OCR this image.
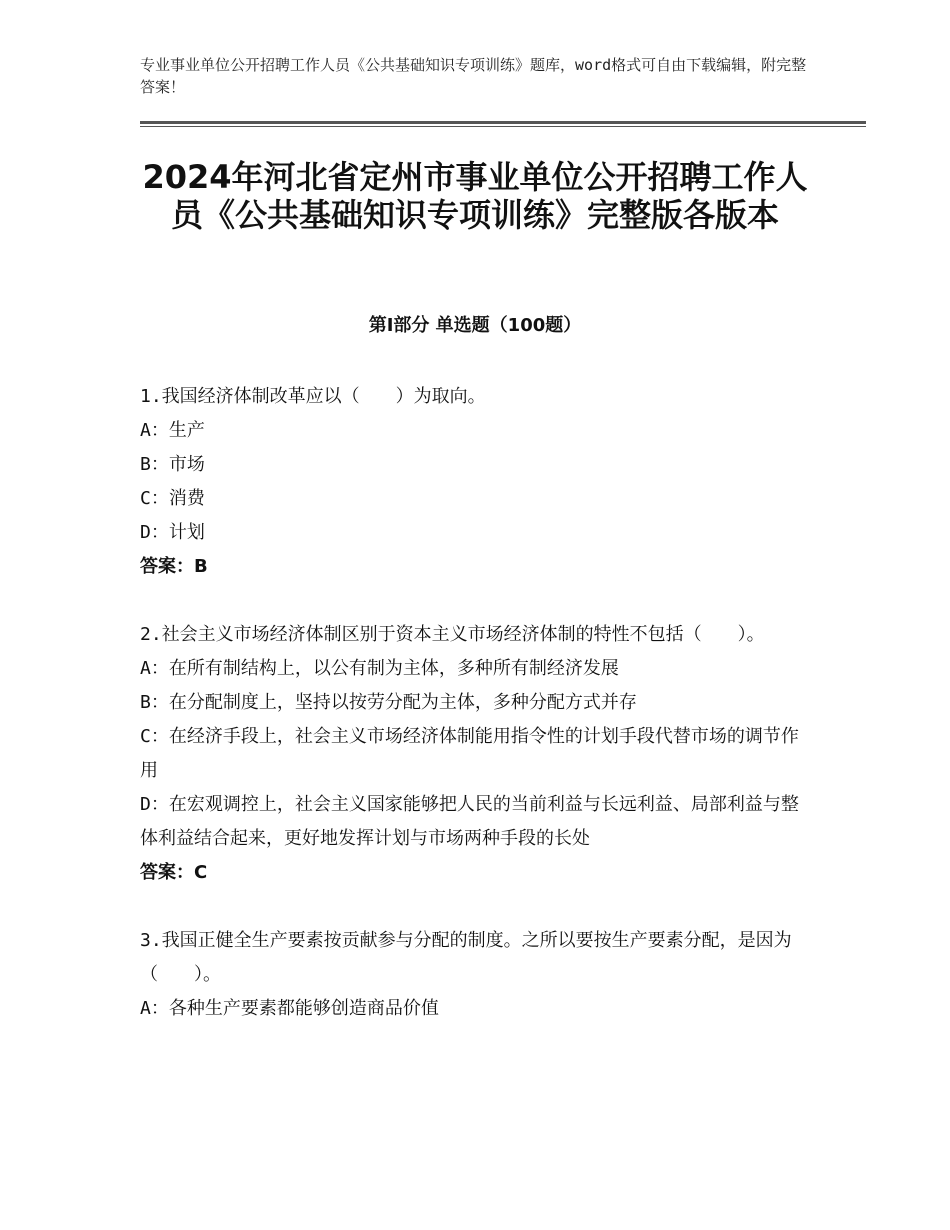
专业事业单位公开招聘工作人员《公共基础知识专项训练》题库，word格式可自由下载编辑，附完整答案！
2024年河北省定州市事业单位公开招聘工作人员《公共基础知识专项训练》完整版各版本
第Ⅰ部分 单选题（100题）

1.我国经济体制改革应以（　　）为取向。

A：生产

B：市场

C：消费

D：计划

答案：B

2.社会主义市场经济体制区别于资本主义市场经济体制的特性不包括（　　）。

A：在所有制结构上，以公有制为主体，多种所有制经济发展

B：在分配制度上，坚持以按劳分配为主体，多种分配方式并存

C：在经济手段上，社会主义市场经济体制能用指令性的计划手段代替市场的调节作用

D：在宏观调控上，社会主义国家能够把人民的当前利益与长远利益、局部利益与整体利益结合起来，更好地发挥计划与市场两种手段的长处

答案：C

3.我国正健全生产要素按贡献参与分配的制度。之所以要按生产要素分配，是因为（　　）。

A：各种生产要素都能够创造商品价值
